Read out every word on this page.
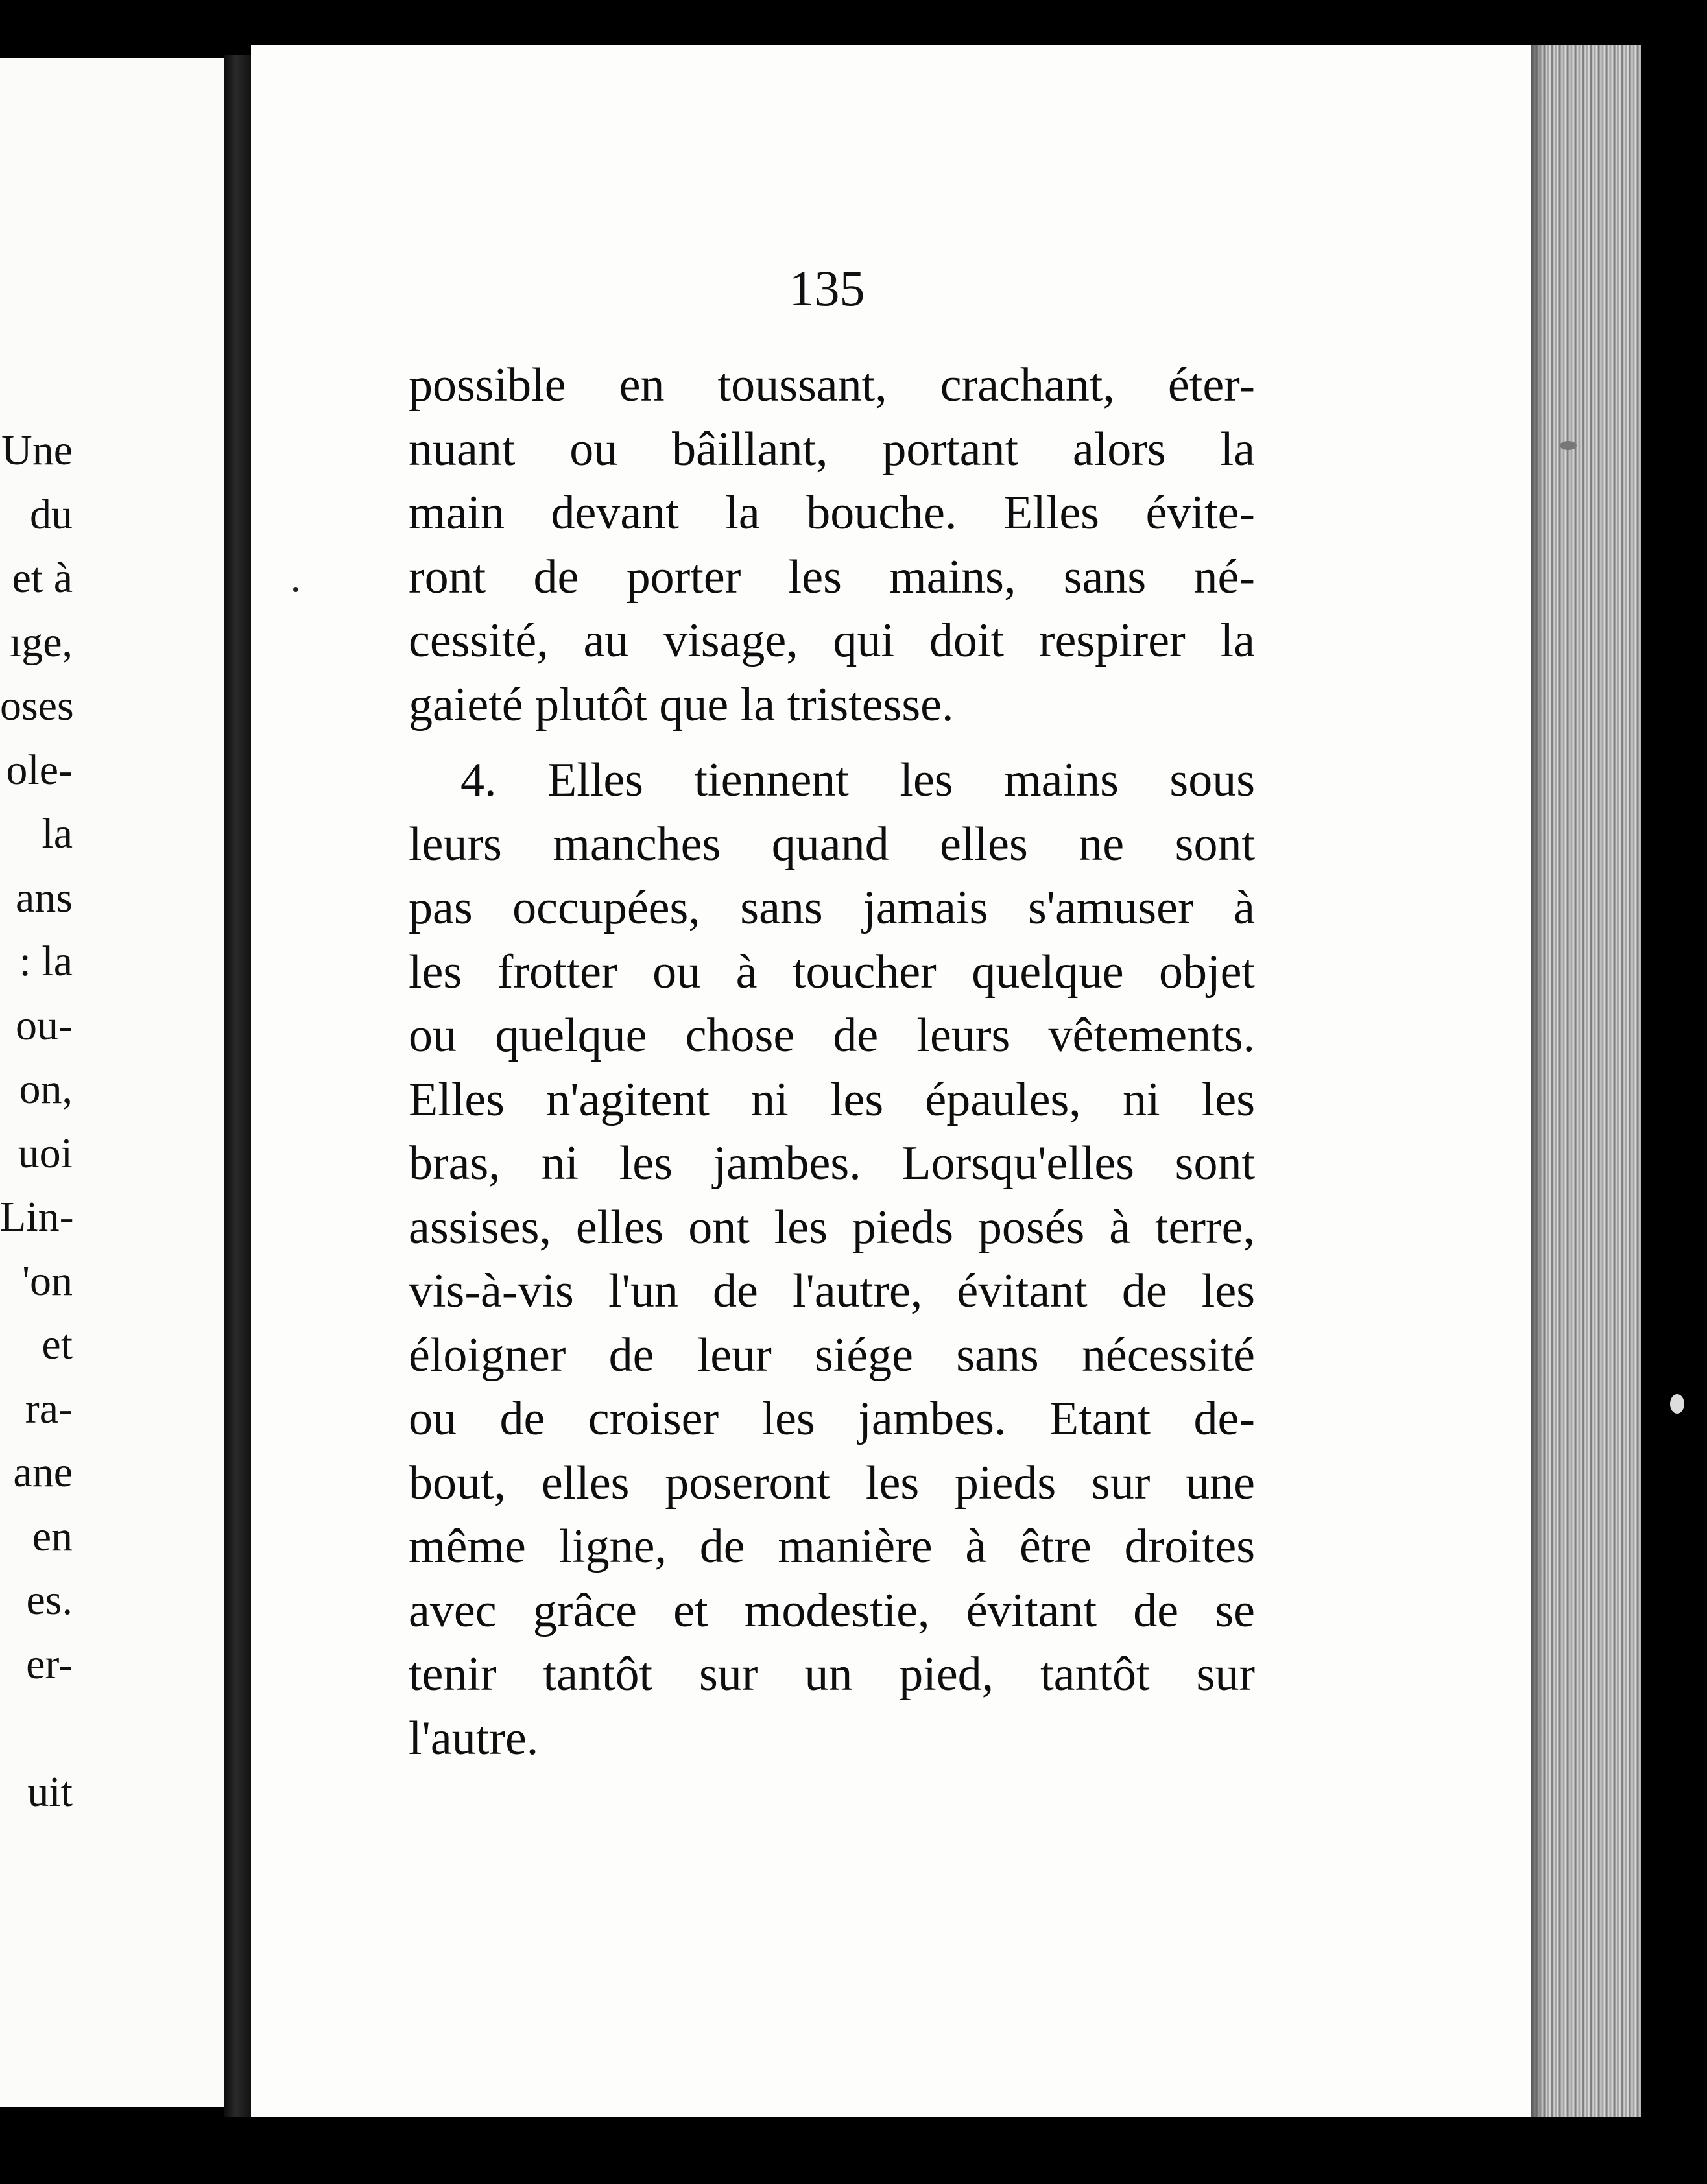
Une
du
et à
ıge,
oses
ole-
la
ans
: la
ou-
on,
uoi
Lin-
'on
et
ra-
ane
en
es.
er-
uit
135

possible en toussant, crachant, éter-
nuant ou bâillant, portant alors la
main devant la bouche. Elles évite-
ront de porter les mains, sans né-
cessité, au visage, qui doit respirer la
gaieté plutôt que la tristesse.

4. Elles tiennent les mains sous
leurs manches quand elles ne sont
pas occupées, sans jamais s'amuser à
les frotter ou à toucher quelque objet
ou quelque chose de leurs vêtements.
Elles n'agitent ni les épaules, ni les
bras, ni les jambes. Lorsqu'elles sont
assises, elles ont les pieds posés à terre,
vis-à-vis l'un de l'autre, évitant de les
éloigner de leur siége sans nécessité
ou de croiser les jambes. Etant de-
bout, elles poseront les pieds sur une
même ligne, de manière à être droites
avec grâce et modestie, évitant de se
tenir tantôt sur un pied, tantôt sur
l'autre.
